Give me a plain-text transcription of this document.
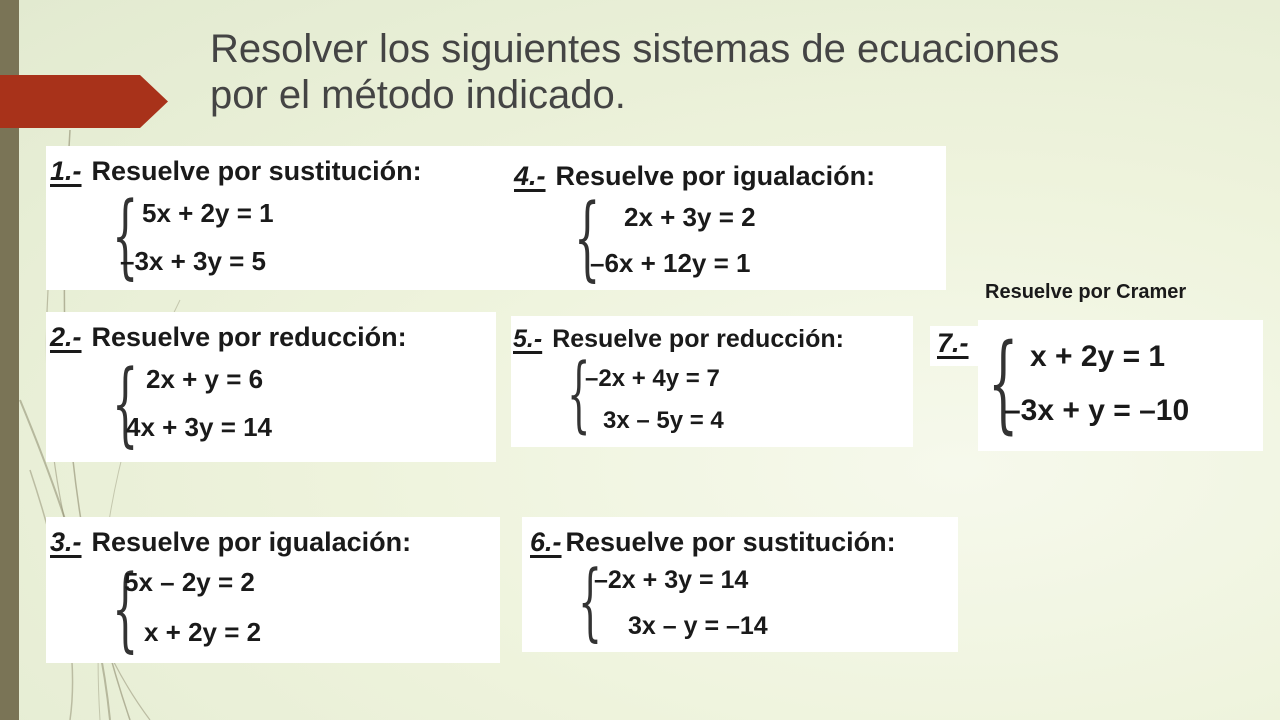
Resolver los siguientes sistemas de ecuaciones
por el método indicado.
1.- Resuelve por sustitución:
{ 5x + 2y = 1
–3x + 3y = 5
4.- Resuelve por igualación:
{ 2x + 3y = 2
–6x + 12y = 1
2.- Resuelve por reducción:
{ 2x + y = 6
4x + 3y = 14
5.- Resuelve por reducción:
{
–2x + 4y = 7
3x – 5y = 4
3.- Resuelve por igualación:
{
5x – 2y = 2
x + 2y = 2
6.- Resuelve por sustitución:
{
–2x + 3y = 14
3x – y = –14
Resuelve por Cramer
7.- { x + 2y = 1
–3x + y = –10
